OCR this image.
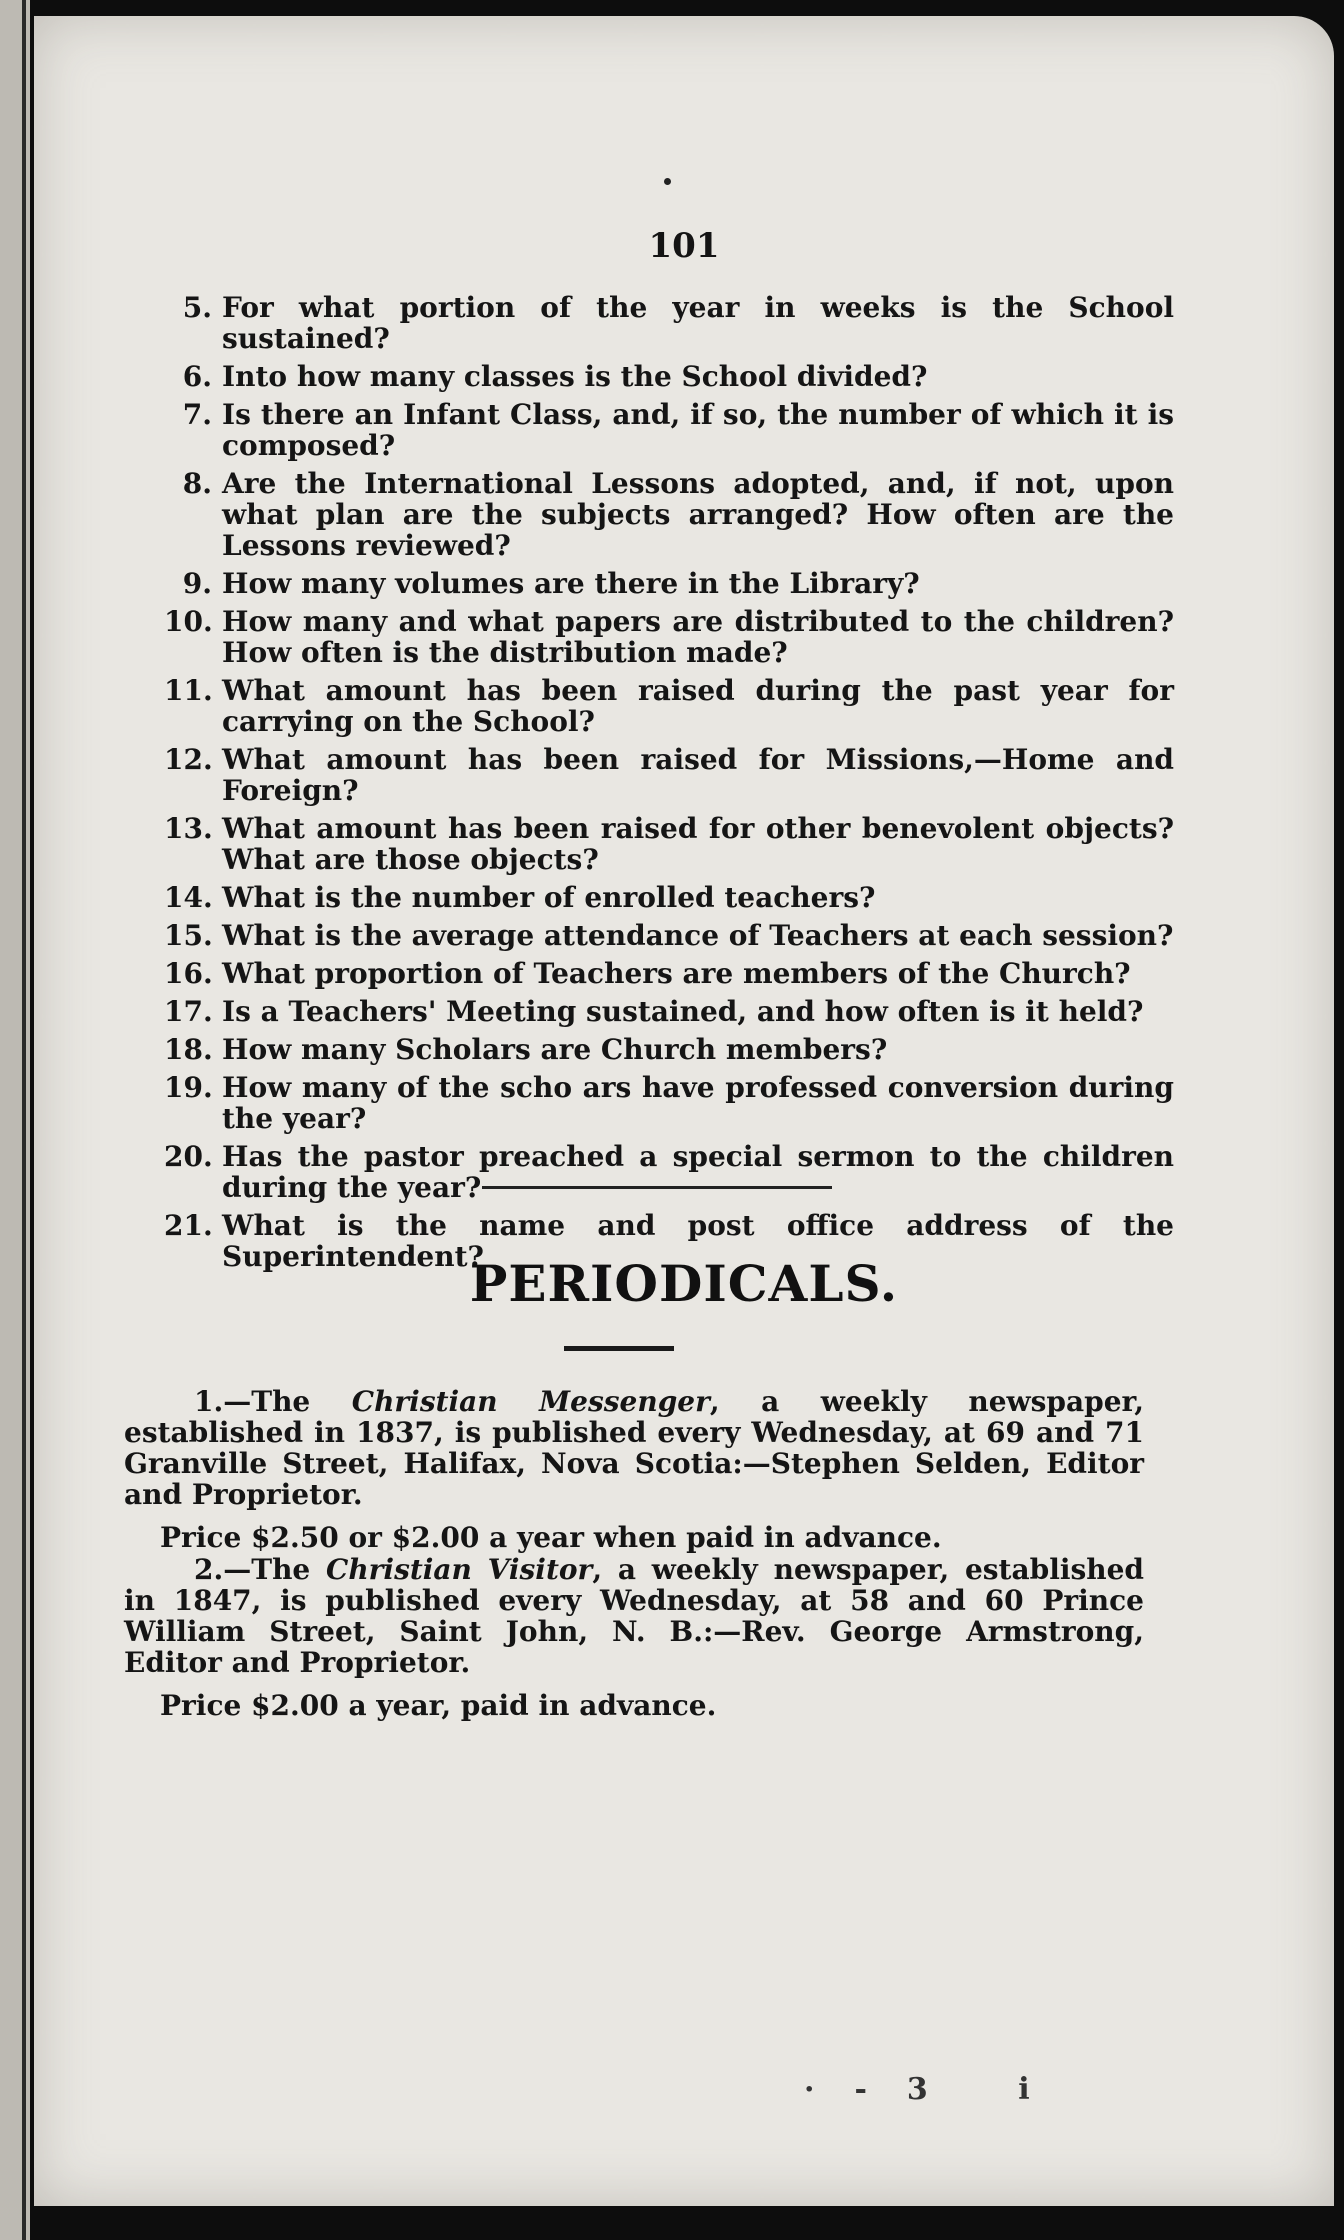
101
5. For what portion of the year in weeks is the School sustained?
6. Into how many classes is the School divided?
7. Is there an Infant Class, and, if so, the number of which it is composed?
8. Are the International Lessons adopted, and, if not, upon what plan are the subjects arranged? How often are the Lessons reviewed?
9. How many volumes are there in the Library?
10. How many and what papers are distributed to the children? How often is the distribution made?
11. What amount has been raised during the past year for carrying on the School?
12. What amount has been raised for Missions,—Home and Foreign?
13. What amount has been raised for other benevolent objects? What are those objects?
14. What is the number of enrolled teachers?
15. What is the average attendance of Teachers at each session?
16. What proportion of Teachers are members of the Church?
17. Is a Teachers' Meeting sustained, and how often is it held?
18. How many Scholars are Church members?
19. How many of the scho ars have professed conversion during the year?
20. Has the pastor preached a special sermon to the children during the year?
21. What is the name and post office address of the Superintendent?
PERIODICALS.
1.—The Christian Messenger, a weekly newspaper, established in 1837, is published every Wednesday, at 69 and 71 Granville Street, Halifax, Nova Scotia:—Stephen Selden, Editor and Proprietor.
Price $2.50 or $2.00 a year when paid in advance.
2.—The Christian Visitor, a weekly newspaper, established in 1847, is published every Wednesday, at 58 and 60 Prince William Street, Saint John, N. B.:—Rev. George Armstrong, Editor and Proprietor.
Price $2.00 a year, paid in advance.
·-3 i
